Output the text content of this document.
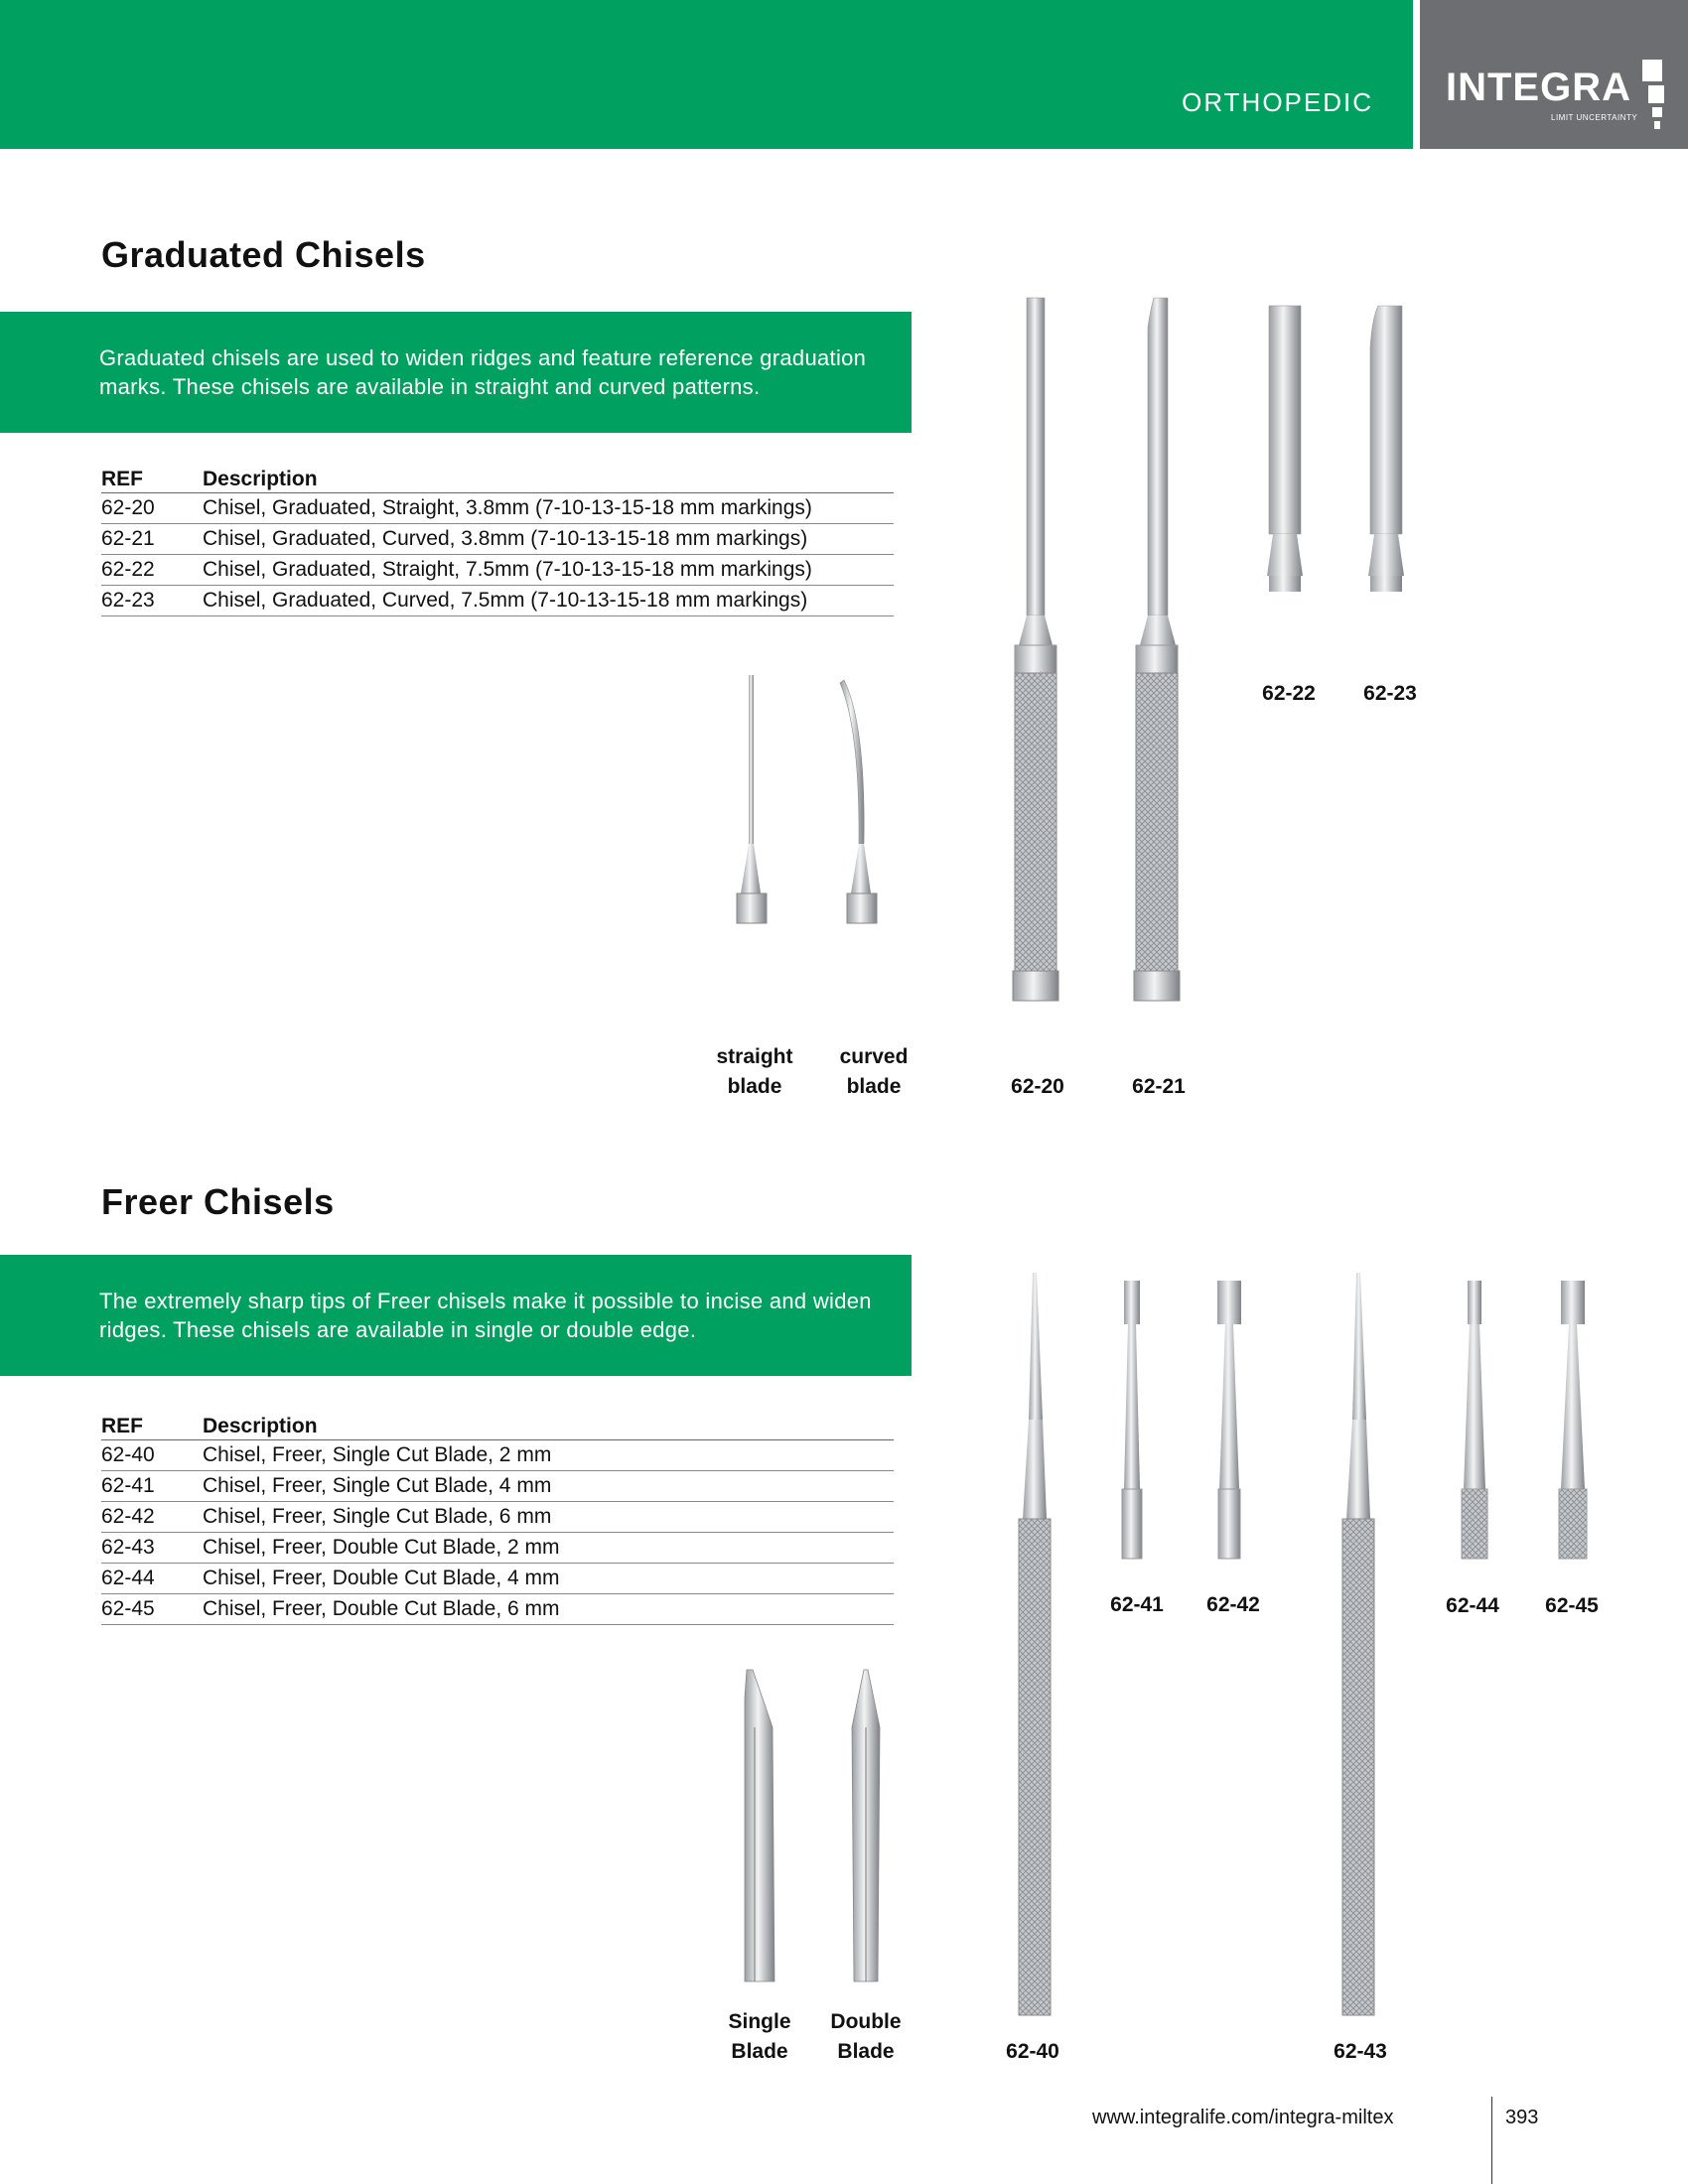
ORTHOPEDIC INTEGRA
LIMIT UNCERTAINTY
Graduated Chisels
Graduated chisels are used to widen ridges and feature reference graduation marks. These chisels are available in straight and curved patterns.
REF	Description
62-20	Chisel, Graduated, Straight, 3.8mm (7-10-13-15-18 mm markings)
62-21	Chisel, Graduated, Curved, 3.8mm (7-10-13-15-18 mm markings)
62-22	Chisel, Graduated, Straight, 7.5mm (7-10-13-15-18 mm markings)
62-23	Chisel, Graduated, Curved, 7.5mm (7-10-13-15-18 mm markings)
straight
blade
curved
blade	62-20	62-21
62-22	62-23
Freer Chisels
The extremely sharp tips of Freer chisels make it possible to incise and widen ridges. These chisels are available in single or double edge.
REF	Description
62-40	Chisel, Freer, Single Cut Blade, 2 mm
62-41	Chisel, Freer, Single Cut Blade, 4 mm
62-42	Chisel, Freer, Single Cut Blade, 6 mm
62-43	Chisel, Freer, Double Cut Blade, 2 mm
62-44	Chisel, Freer, Double Cut Blade, 4 mm
62-45	Chisel, Freer, Double Cut Blade, 6 mm
Single
Blade
Double
Blade	62-40
62-41	62-42
62-43
62-44	62-45
www.integralife.com/integra-miltex	393
